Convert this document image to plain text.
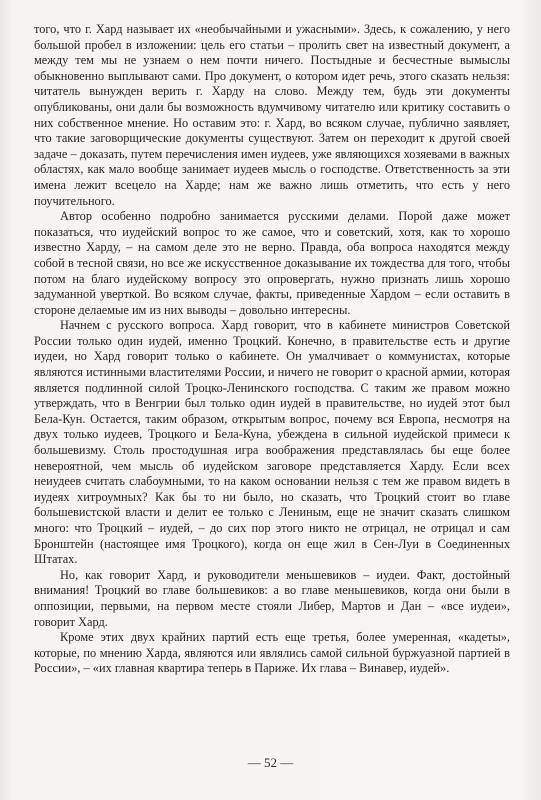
того, что г. Хард называет их «необычайными и ужасными». Здесь, к сожалению, у него большой пробел в изложении: цель его статьи – пролить свет на известный документ, а между тем мы не узнаем о нем почти ничего. Постыдные и бесчестные вымыслы обыкновенно выплывают сами. Про документ, о котором идет речь, этого сказать нельзя: читатель вынужден верить г. Харду на слово. Между тем, будь эти документы опубликованы, они дали бы возможность вдумчивому читателю или критику составить о них собственное мнение. Но оставим это: г. Хард, во всяком случае, публично заявляет, что такие заговорщические документы существуют. Затем он переходит к другой своей задаче – доказать, путем перечисления имен иудеев, уже являющихся хозяевами в важных областях, как мало вообще занимает иудеев мысль о господстве. Ответственность за эти имена лежит всецело на Харде; нам же важно лишь отметить, что есть у него поучительного.

Автор особенно подробно занимается русскими делами. Порой даже может показаться, что иудейский вопрос то же самое, что и советский, хотя, как то хорошо известно Харду, – на самом деле это не верно. Правда, оба вопроса находятся между собой в тесной связи, но все же искусственное доказывание их тождества для того, чтобы потом на благо иудейскому вопросу это опровергать, нужно признать лишь хорошо задуманной уверткой. Во всяком случае, факты, приведенные Хардом – если оставить в стороне делаемые им из них выводы – довольно интересны.

Начнем с русского вопроса. Хард говорит, что в кабинете министров Советской России только один иудей, именно Троцкий. Конечно, в правительстве есть и другие иудеи, но Хард говорит только о кабинете. Он умалчивает о коммунистах, которые являются истинными властителями России, и ничего не говорит о красной армии, которая является подлинной силой Троцко-Ленинского господства. С таким же правом можно утверждать, что в Венгрии был только один иудей в правительстве, но иудей этот был Бела-Кун. Остается, таким образом, открытым вопрос, почему вся Европа, несмотря на двух только иудеев, Троцкого и Бела-Куна, убеждена в сильной иудейской примеси к большевизму. Столь простодушная игра воображения представлялась бы еще более невероятной, чем мысль об иудейском заговоре представляется Харду. Если всех неиудеев считать слабоумными, то на каком основании нельзя с тем же правом видеть в иудеях хитроумных? Как бы то ни было, но сказать, что Троцкий стоит во главе большевистской власти и делит ее только с Лениным, еще не значит сказать слишком много: что Троцкий – иудей, – до сих пор этого никто не отрицал, не отрицал и сам Бронштейн (настоящее имя Троцкого), когда он еще жил в Сен-Луи в Соединенных Штатах.

Но, как говорит Хард, и руководители меньшевиков – иудеи. Факт, достойный внимания! Троцкий во главе большевиков: а во главе меньшевиков, когда они были в оппозиции, первыми, на первом месте стояли Либер, Мартов и Дан – «все иудеи», говорит Хард.

Кроме этих двух крайних партий есть еще третья, более умеренная, «кадеты», которые, по мнению Харда, являются или являлись самой сильной буржуазной партией в России», – «их главная квартира теперь в Париже. Их глава – Винавер, иудей».

— 52 —
